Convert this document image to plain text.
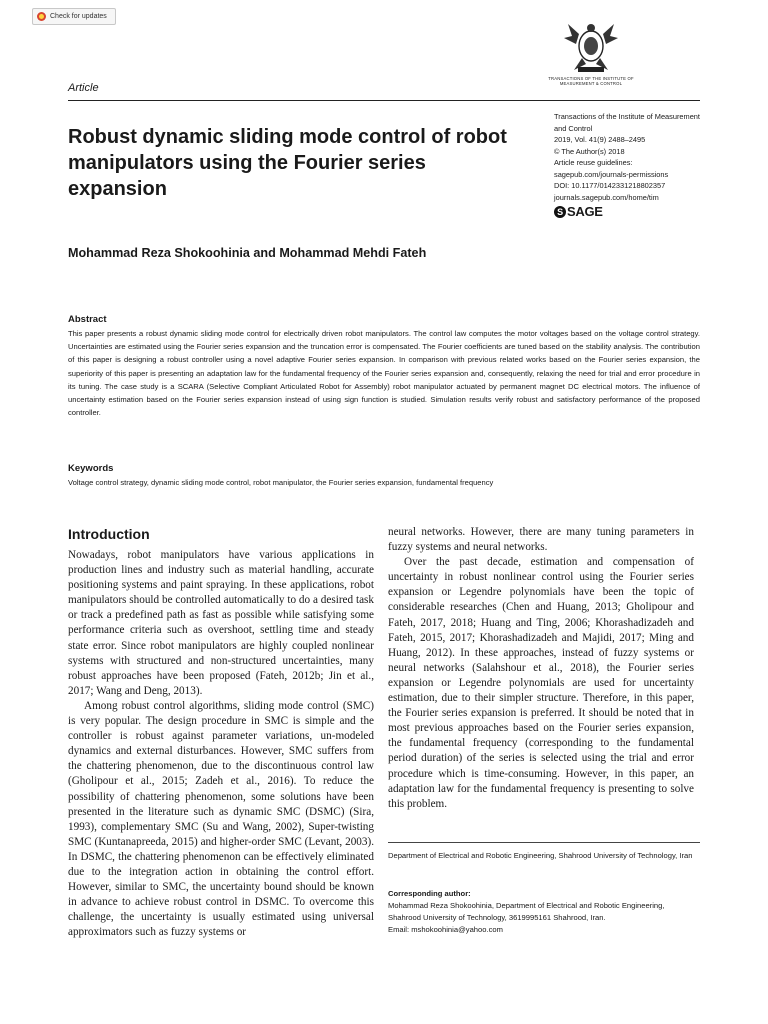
Check for updates
TRANSACTIONS OF THE INSTITUTE OF MEASUREMENT & CONTROL
Article
Robust dynamic sliding mode control of robot manipulators using the Fourier series expansion
Transactions of the Institute of Measurement and Control
2019, Vol. 41(9) 2488–2495
© The Author(s) 2018
Article reuse guidelines:
sagepub.com/journals-permissions
DOI: 10.1177/0142331218802357
journals.sagepub.com/home/tim
S SAGE
Mohammad Reza Shokoohinia and Mohammad Mehdi Fateh
Abstract
This paper presents a robust dynamic sliding mode control for electrically driven robot manipulators. The control law computes the motor voltages based on the voltage control strategy. Uncertainties are estimated using the Fourier series expansion and the truncation error is compensated. The Fourier coefficients are tuned based on the stability analysis. The contribution of this paper is designing a robust controller using a novel adaptive Fourier series expansion. In comparison with previous related works based on the Fourier series expansion, the superiority of this paper is presenting an adaptation law for the fundamental frequency of the Fourier series expansion and, consequently, relaxing the need for trial and error procedure in its tuning. The case study is a SCARA (Selective Compliant Articulated Robot for Assembly) robot manipulator actuated by permanent magnet DC electrical motors. The influence of uncertainty estimation based on the Fourier series expansion instead of using sign function is studied. Simulation results verify robust and satisfactory performance of the proposed controller.
Keywords
Voltage control strategy, dynamic sliding mode control, robot manipulator, the Fourier series expansion, fundamental frequency
Introduction

Nowadays, robot manipulators have various applications in production lines and industry such as material handling, accurate positioning systems and paint spraying. In these applications, robot manipulators should be controlled automatically to do a desired task or track a predefined path as fast as possible while satisfying some performance criteria such as overshoot, settling time and steady state error. Since robot manipulators are highly coupled nonlinear systems with structured and non-structured uncertainties, many robust approaches have been proposed (Fateh, 2012b; Jin et al., 2017; Wang and Deng, 2013).

Among robust control algorithms, sliding mode control (SMC) is very popular. The design procedure in SMC is simple and the controller is robust against parameter variations, un-modeled dynamics and external disturbances. However, SMC suffers from the chattering phenomenon, due to the discontinuous control law (Gholipour et al., 2015; Zadeh et al., 2016). To reduce the possibility of chattering phenomenon, some solutions have been presented in the literature such as dynamic SMC (DSMC) (Sira, 1993), complementary SMC (Su and Wang, 2002), Super-twisting SMC (Kuntanapreeda, 2015) and higher-order SMC (Levant, 2003). In DSMC, the chattering phenomenon can be effectively eliminated due to the integration action in obtaining the control effort. However, similar to SMC, the uncertainty bound should be known in advance to achieve robust control in DSMC. To overcome this challenge, the uncertainty is usually estimated using universal approximators such as fuzzy systems or

neural networks. However, there are many tuning parameters in fuzzy systems and neural networks.

Over the past decade, estimation and compensation of uncertainty in robust nonlinear control using the Fourier series expansion or Legendre polynomials have been the topic of considerable researches (Chen and Huang, 2013; Gholipour and Fateh, 2017, 2018; Huang and Ting, 2006; Khorashadizadeh and Fateh, 2015, 2017; Khorashadizadeh and Majidi, 2017; Ming and Huang, 2012). In these approaches, instead of fuzzy systems or neural networks (Salahshour et al., 2018), the Fourier series expansion or Legendre polynomials are used for uncertainty estimation, due to their simpler structure. Therefore, in this paper, the Fourier series expansion is preferred. It should be noted that in most previous approaches based on the Fourier series expansion, the fundamental frequency (corresponding to the fundamental period duration) of the series is selected using the trial and error procedure which is time-consuming. However, in this paper, an adaptation law for the fundamental frequency is presenting to solve this problem.

Department of Electrical and Robotic Engineering, Shahrood University of Technology, Iran
Corresponding author:
Mohammad Reza Shokoohinia, Department of Electrical and Robotic Engineering, Shahrood University of Technology, 3619995161 Shahrood, Iran.
Email: mshokoohinia@yahoo.com
